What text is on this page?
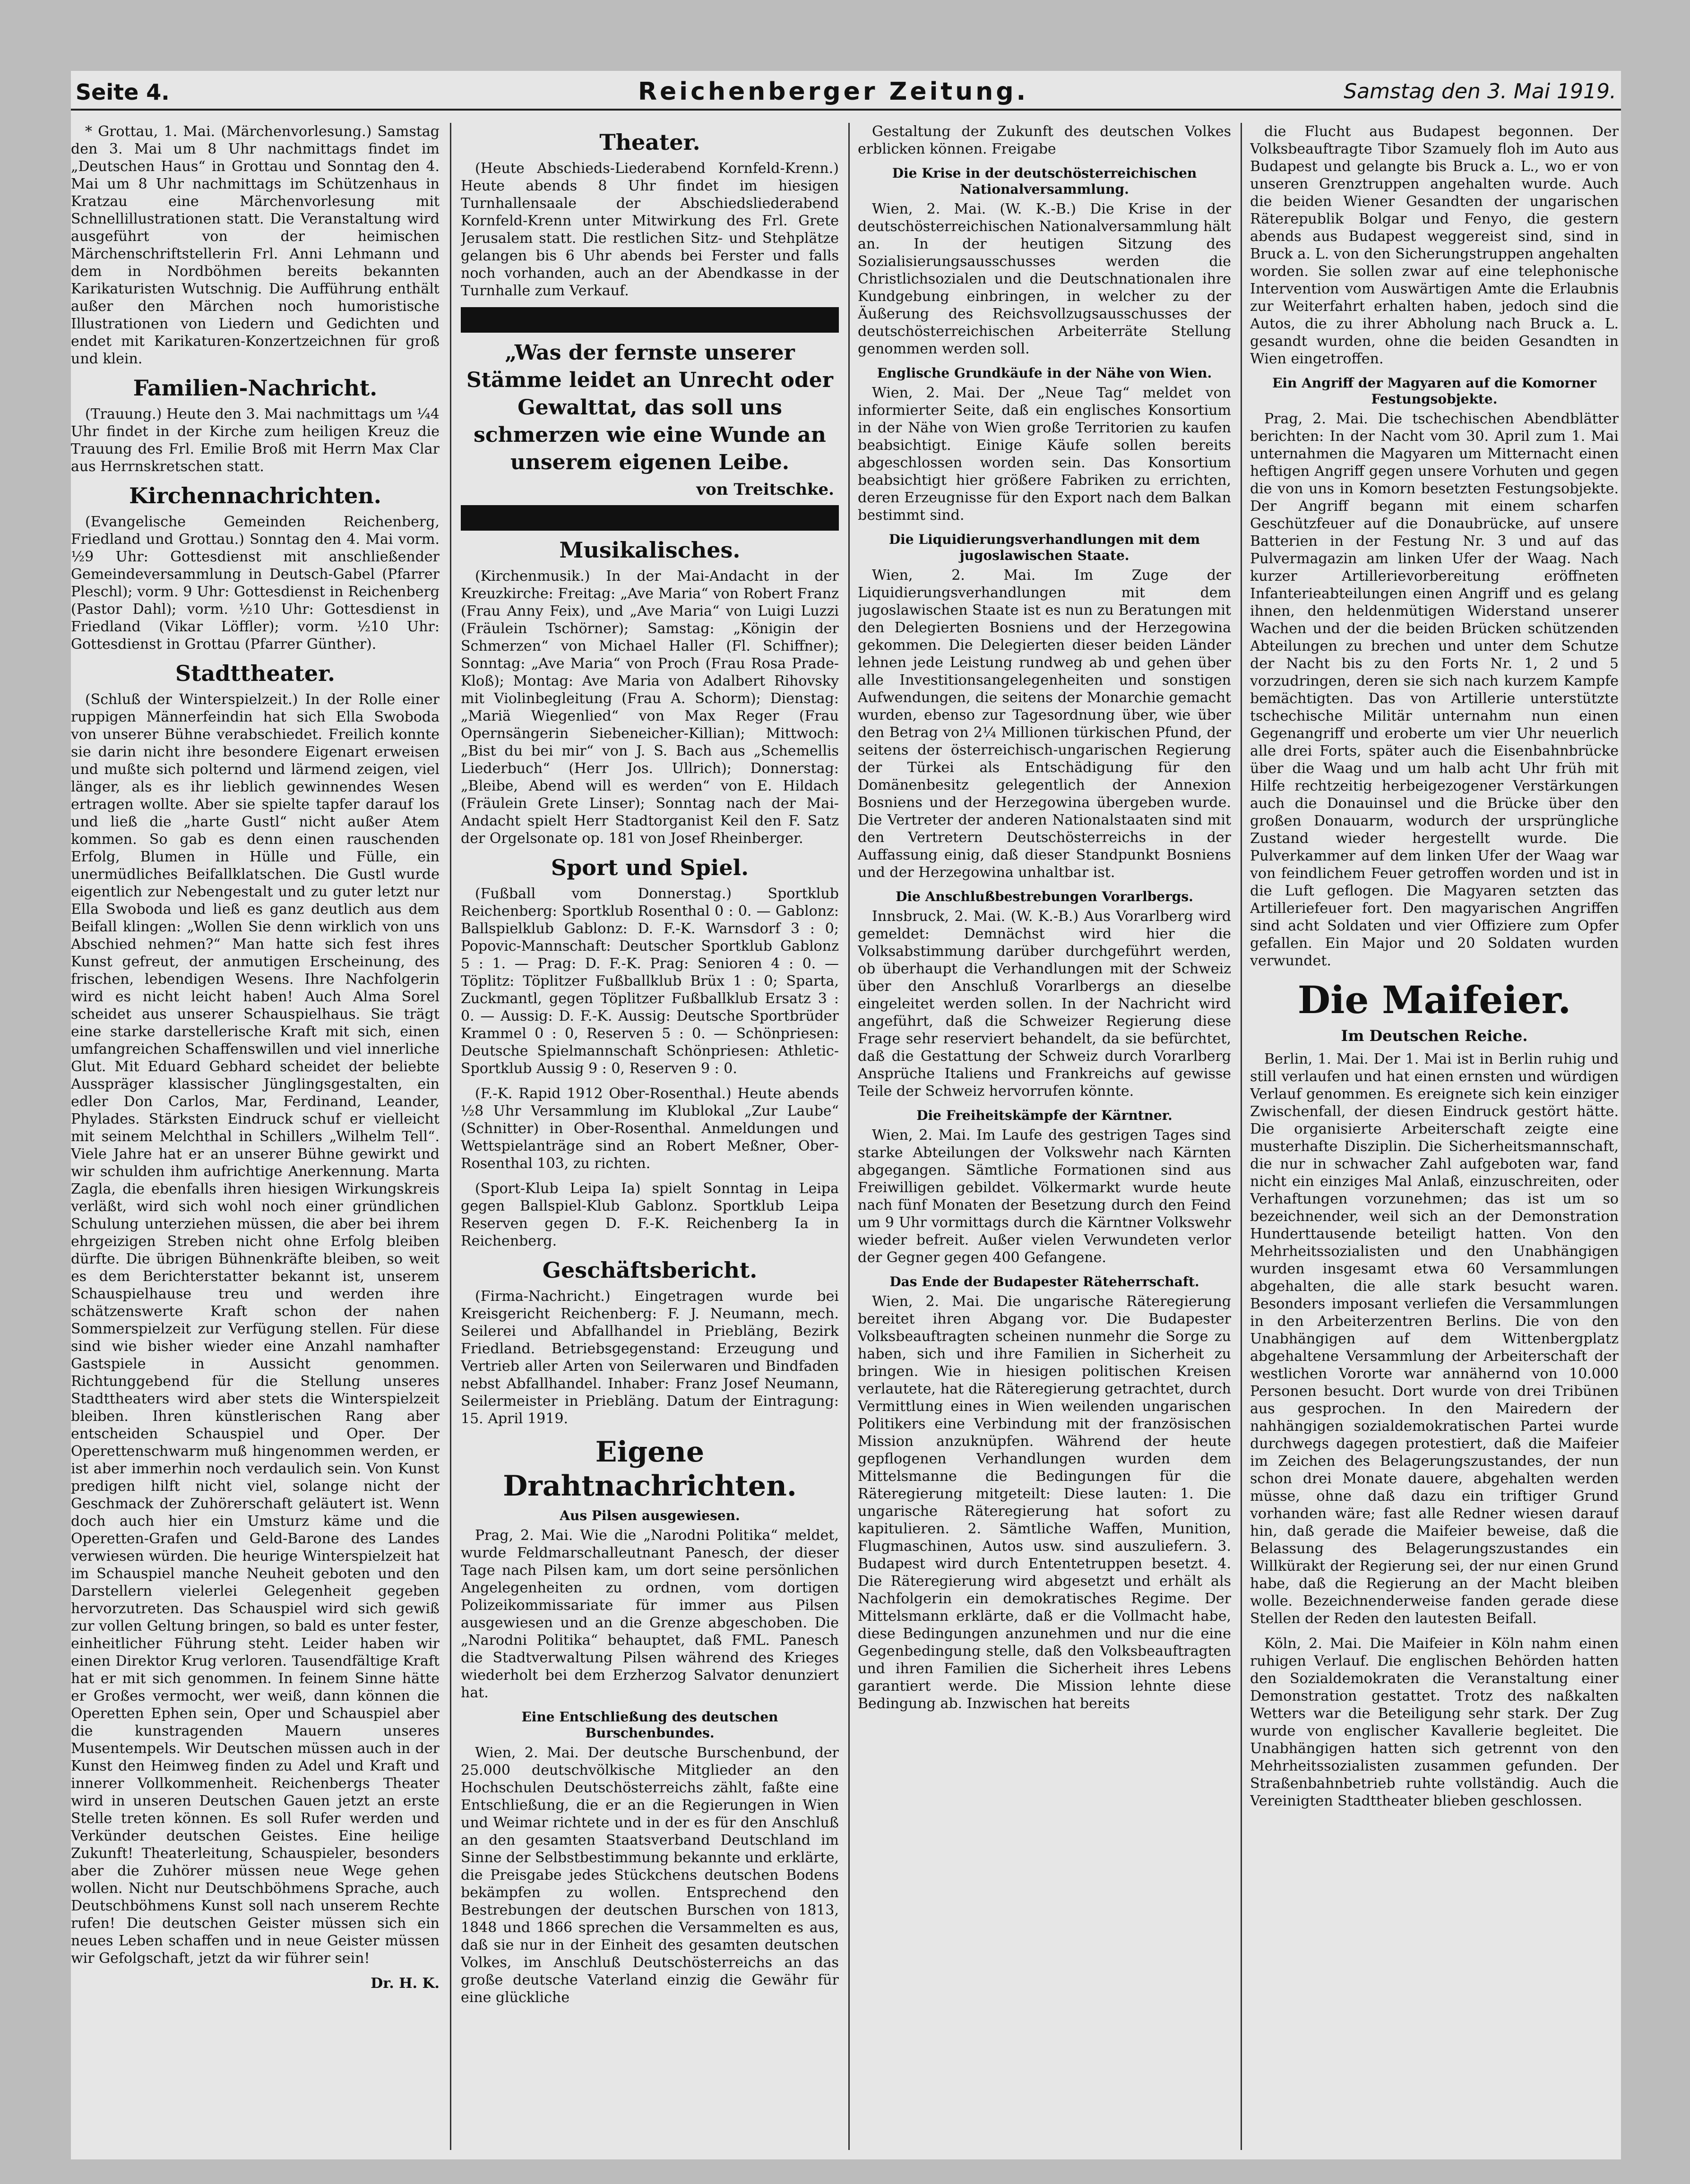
Seite 4.	Reichenberger Zeitung.	Samstag den 3. Mai 1919.

* Grottau, 1. Mai. (Märchenvorlesung.) Samstag den 3. Mai um 8 Uhr nachmittags findet im „Deutschen Haus“ in Grottau und Sonntag den 4. Mai um 8 Uhr nachmittags im Schützenhaus in Kratzau eine Märchenvorlesung mit Schnellillustrationen statt. Die Veranstaltung wird ausgeführt von der heimischen Märchenschriftstellerin Frl. Anni Lehmann und dem in Nordböhmen bereits bekannten Karikaturisten Wutschnig. Die Aufführung enthält außer den Märchen noch humoristische Illustrationen von Liedern und Gedichten und endet mit Karikaturen-Konzertzeichnen für groß und klein.

Familien-Nachricht.

(Trauung.) Heute den 3. Mai nachmittags um ¼4 Uhr findet in der Kirche zum heiligen Kreuz die Trauung des Frl. Emilie Broß mit Herrn Max Clar aus Herrnskretschen statt.

Kirchennachrichten.

(Evangelische Gemeinden Reichenberg, Friedland und Grottau.) Sonntag den 4. Mai vorm. ½9 Uhr: Gottesdienst mit anschließender Gemeindeversammlung in Deutsch-Gabel (Pfarrer Pleschl); vorm. 9 Uhr: Gottesdienst in Reichenberg (Pastor Dahl); vorm. ½10 Uhr: Gottesdienst in Friedland (Vikar Löffler); vorm. ½10 Uhr: Gottesdienst in Grottau (Pfarrer Günther).

Stadttheater.

(Schluß der Winterspielzeit.) In der Rolle einer ruppigen Männerfeindin hat sich Ella Swoboda von unserer Bühne verabschiedet. Freilich konnte sie darin nicht ihre besondere Eigenart erweisen und mußte sich polternd und lärmend zeigen, viel länger, als es ihr lieblich gewinnendes Wesen ertragen wollte. Aber sie spielte tapfer darauf los und ließ die „harte Gustl“ nicht außer Atem kommen. So gab es denn einen rauschenden Erfolg, Blumen in Hülle und Fülle, ein unermüdliches Beifallklatschen. Die Gustl wurde eigentlich zur Nebengestalt und zu guter letzt nur Ella Swoboda und ließ es ganz deutlich aus dem Beifall klingen: „Wollen Sie denn wirklich von uns Abschied nehmen?“ Man hatte sich fest ihres Kunst gefreut, der anmutigen Erscheinung, des frischen, lebendigen Wesens. Ihre Nachfolgerin wird es nicht leicht haben! Auch Alma Sorel scheidet aus unserer Schauspielhaus. Sie trägt eine starke darstellerische Kraft mit sich, einen umfangreichen Schaffenswillen und viel innerliche Glut. Mit Eduard Gebhard scheidet der beliebte Ausspräger klassischer Jünglingsgestalten, ein edler Don Carlos, Mar, Ferdinand, Leander, Phylades. Stärksten Eindruck schuf er vielleicht mit seinem Melchthal in Schillers „Wilhelm Tell“. Viele Jahre hat er an unserer Bühne gewirkt und wir schulden ihm aufrichtige Anerkennung. Marta Zagla, die ebenfalls ihren hiesigen Wirkungskreis verläßt, wird sich wohl noch einer gründlichen Schulung unterziehen müssen, die aber bei ihrem ehrgeizigen Streben nicht ohne Erfolg bleiben dürfte. Die übrigen Bühnenkräfte bleiben, so weit es dem Berichterstatter bekannt ist, unserem Schauspielhause treu und werden ihre schätzenswerte Kraft schon der nahen Sommerspielzeit zur Verfügung stellen. Für diese sind wie bisher wieder eine Anzahl namhafter Gastspiele in Aussicht genommen. Richtunggebend für die Stellung unseres Stadttheaters wird aber stets die Winterspielzeit bleiben. Ihren künstlerischen Rang aber entscheiden Schauspiel und Oper. Der Operettenschwarm muß hingenommen werden, er ist aber immerhin noch verdaulich sein. Von Kunst predigen hilft nicht viel, solange nicht der Geschmack der Zuhörerschaft geläutert ist. Wenn doch auch hier ein Umsturz käme und die Operetten-Grafen und Geld-Barone des Landes verwiesen würden. Die heurige Winterspielzeit hat im Schauspiel manche Neuheit geboten und den Darstellern vielerlei Gelegenheit gegeben hervorzutreten. Das Schauspiel wird sich gewiß zur vollen Geltung bringen, so bald es unter fester, einheitlicher Führung steht. Leider haben wir einen Direktor Krug verloren. Tausendfältige Kraft hat er mit sich genommen. In feinem Sinne hätte er Großes vermocht, wer weiß, dann können die Operetten Ephen sein, Oper und Schauspiel aber die kunstragenden Mauern unseres Musentempels. Wir Deutschen müssen auch in der Kunst den Heimweg finden zu Adel und Kraft und innerer Vollkommenheit. Reichenbergs Theater wird in unseren Deutschen Gauen jetzt an erste Stelle treten können. Es soll Rufer werden und Verkünder deutschen Geistes. Eine heilige Zukunft! Theaterleitung, Schauspieler, besonders aber die Zuhörer müssen neue Wege gehen wollen. Nicht nur Deutschböhmens Sprache, auch Deutschböhmens Kunst soll nach unserem Rechte rufen! Die deutschen Geister müssen sich ein neues Leben schaffen und in neue Geister müssen wir Gefolgschaft, jetzt da wir führer sein!

Dr. H. K.
Theater.

(Heute Abschieds-Liederabend Kornfeld-Krenn.) Heute abends 8 Uhr findet im hiesigen Turnhallensaale der Abschiedsliederabend Kornfeld-Krenn unter Mitwirkung des Frl. Grete Jerusalem statt. Die restlichen Sitz- und Stehplätze gelangen bis 6 Uhr abends bei Ferster und falls noch vorhanden, auch an der Abendkasse in der Turnhalle zum Verkauf.

„Was der fernste unserer Stämme leidet an Unrecht oder Gewalttat, das soll uns schmerzen wie eine Wunde an unserem eigenen Leibe.
von Treitschke.
Musikalisches.

(Kirchenmusik.) In der Mai-Andacht in der Kreuzkirche: Freitag: „Ave Maria“ von Robert Franz (Frau Anny Feix), und „Ave Maria“ von Luigi Luzzi (Fräulein Tschörner); Samstag: „Königin der Schmerzen“ von Michael Haller (Fl. Schiffner); Sonntag: „Ave Maria“ von Proch (Frau Rosa Prade-Kloß); Montag: Ave Maria von Adalbert Rihovsky mit Violinbegleitung (Frau A. Schorm); Dienstag: „Mariä Wiegenlied“ von Max Reger (Frau Opernsängerin Siebeneicher-Killian); Mittwoch: „Bist du bei mir“ von J. S. Bach aus „Schemellis Liederbuch“ (Herr Jos. Ullrich); Donnerstag: „Bleibe, Abend will es werden“ von E. Hildach (Fräulein Grete Linser); Sonntag nach der Mai-Andacht spielt Herr Stadtorganist Keil den F. Satz der Orgelsonate op. 181 von Josef Rheinberger.

Sport und Spiel.

(Fußball vom Donnerstag.) Sportklub Reichenberg: Sportklub Rosenthal 0 : 0. — Gablonz: Ballspielklub Gablonz: D. F.-K. Warnsdorf 3 : 0; Popovic-Mannschaft: Deutscher Sportklub Gablonz 5 : 1. — Prag: D. F.-K. Prag: Senioren 4 : 0. — Töplitz: Töplitzer Fußballklub Brüx 1 : 0; Sparta, Zuckmantl, gegen Töplitzer Fußballklub Ersatz 3 : 0. — Aussig: D. F.-K. Aussig: Deutsche Sportbrüder Krammel 0 : 0, Reserven 5 : 0. — Schönpriesen: Deutsche Spielmannschaft Schönpriesen: Athletic-Sportklub Aussig 9 : 0, Reserven 9 : 0.

(F.-K. Rapid 1912 Ober-Rosenthal.) Heute abends ½8 Uhr Versammlung im Klublokal „Zur Laube“ (Schnitter) in Ober-Rosenthal. Anmeldungen und Wettspielanträge sind an Robert Meßner, Ober-Rosenthal 103, zu richten.

(Sport-Klub Leipa Ia) spielt Sonntag in Leipa gegen Ballspiel-Klub Gablonz. Sportklub Leipa Reserven gegen D. F.-K. Reichenberg Ia in Reichenberg.

Geschäftsbericht.

(Firma-Nachricht.) Eingetragen wurde bei Kreisgericht Reichenberg: F. J. Neumann, mech. Seilerei und Abfallhandel in Priebläng, Bezirk Friedland. Betriebsgegenstand: Erzeugung und Vertrieb aller Arten von Seilerwaren und Bindfaden nebst Abfallhandel. Inhaber: Franz Josef Neumann, Seilermeister in Priebläng. Datum der Eintragung: 15. April 1919.

Eigene Drahtnachrichten.
Aus Pilsen ausgewiesen.

Prag, 2. Mai. Wie die „Narodni Politika“ meldet, wurde Feldmarschalleutnant Panesch, der dieser Tage nach Pilsen kam, um dort seine persönlichen Angelegenheiten zu ordnen, vom dortigen Polizeikommissariate für immer aus Pilsen ausgewiesen und an die Grenze abgeschoben. Die „Narodni Politika“ behauptet, daß FML. Panesch die Stadtverwaltung Pilsen während des Krieges wiederholt bei dem Erzherzog Salvator denunziert hat.

Eine Entschließung des deutschen Burschenbundes.

Wien, 2. Mai. Der deutsche Burschenbund, der 25.000 deutschvölkische Mitglieder an den Hochschulen Deutschösterreichs zählt, faßte eine Entschließung, die er an die Regierungen in Wien und Weimar richtete und in der es für den Anschluß an den gesamten Staatsverband Deutschland im Sinne der Selbstbestimmung bekannte und erklärte, die Preisgabe jedes Stückchens deutschen Bodens bekämpfen zu wollen. Entsprechend den Bestrebungen der deutschen Burschen von 1813, 1848 und 1866 sprechen die Versammelten es aus, daß sie nur in der Einheit des gesamten deutschen Volkes, im Anschluß Deutschösterreichs an das große deutsche Vaterland einzig die Gewähr für eine glückliche

Gestaltung der Zukunft des deutschen Volkes erblicken können. Freigabe

Die Krise in der deutschösterreichischen Nationalversammlung.

Wien, 2. Mai. (W. K.-B.) Die Krise in der deutschösterreichischen Nationalversammlung hält an. In der heutigen Sitzung des Sozialisierungsausschusses werden die Christlichsozialen und die Deutschnationalen ihre Kundgebung einbringen, in welcher zu der Äußerung des Reichsvollzugsausschusses der deutschösterreichischen Arbeiterräte Stellung genommen werden soll.

Englische Grundkäufe in der Nähe von Wien.

Wien, 2. Mai. Der „Neue Tag“ meldet von informierter Seite, daß ein englisches Konsortium in der Nähe von Wien große Territorien zu kaufen beabsichtigt. Einige Käufe sollen bereits abgeschlossen worden sein. Das Konsortium beabsichtigt hier größere Fabriken zu errichten, deren Erzeugnisse für den Export nach dem Balkan bestimmt sind.

Die Liquidierungsverhandlungen mit dem jugoslawischen Staate.

Wien, 2. Mai. Im Zuge der Liquidierungsverhandlungen mit dem jugoslawischen Staate ist es nun zu Beratungen mit den Delegierten Bosniens und der Herzegowina gekommen. Die Delegierten dieser beiden Länder lehnen jede Leistung rundweg ab und gehen über alle Investitionsangelegenheiten und sonstigen Aufwendungen, die seitens der Monarchie gemacht wurden, ebenso zur Tagesordnung über, wie über den Betrag von 2¼ Millionen türkischen Pfund, der seitens der österreichisch-ungarischen Regierung der Türkei als Entschädigung für den Domänenbesitz gelegentlich der Annexion Bosniens und der Herzegowina übergeben wurde. Die Vertreter der anderen Nationalstaaten sind mit den Vertretern Deutschösterreichs in der Auffassung einig, daß dieser Standpunkt Bosniens und der Herzegowina unhaltbar ist.

Die Anschlußbestrebungen Vorarlbergs.

Innsbruck, 2. Mai. (W. K.-B.) Aus Vorarlberg wird gemeldet: Demnächst wird hier die Volksabstimmung darüber durchgeführt werden, ob überhaupt die Verhandlungen mit der Schweiz über den Anschluß Vorarlbergs an dieselbe eingeleitet werden sollen. In der Nachricht wird angeführt, daß die Schweizer Regierung diese Frage sehr reserviert behandelt, da sie befürchtet, daß die Gestattung der Schweiz durch Vorarlberg Ansprüche Italiens und Frankreichs auf gewisse Teile der Schweiz hervorrufen könnte.

Die Freiheitskämpfe der Kärntner.

Wien, 2. Mai. Im Laufe des gestrigen Tages sind starke Abteilungen der Volkswehr nach Kärnten abgegangen. Sämtliche Formationen sind aus Freiwilligen gebildet. Völkermarkt wurde heute nach fünf Monaten der Besetzung durch den Feind um 9 Uhr vormittags durch die Kärntner Volkswehr wieder befreit. Außer vielen Verwundeten verlor der Gegner gegen 400 Gefangene.

Das Ende der Budapester Räteherrschaft.

Wien, 2. Mai. Die ungarische Räteregierung bereitet ihren Abgang vor. Die Budapester Volksbeauftragten scheinen nunmehr die Sorge zu haben, sich und ihre Familien in Sicherheit zu bringen. Wie in hiesigen politischen Kreisen verlautete, hat die Räteregierung getrachtet, durch Vermittlung eines in Wien weilenden ungarischen Politikers eine Verbindung mit der französischen Mission anzuknüpfen. Während der heute gepflogenen Verhandlungen wurden dem Mittelsmanne die Bedingungen für die Räteregierung mitgeteilt: Diese lauten: 1. Die ungarische Räteregierung hat sofort zu kapitulieren. 2. Sämtliche Waffen, Munition, Flugmaschinen, Autos usw. sind auszuliefern. 3. Budapest wird durch Ententetruppen besetzt. 4. Die Räteregierung wird abgesetzt und erhält als Nachfolgerin ein demokratisches Regime. Der Mittelsmann erklärte, daß er die Vollmacht habe, diese Bedingungen anzunehmen und nur die eine Gegenbedingung stelle, daß den Volksbeauftragten und ihren Familien die Sicherheit ihres Lebens garantiert werde. Die Mission lehnte diese Bedingung ab. Inzwischen hat bereits

die Flucht aus Budapest begonnen. Der Volksbeauftragte Tibor Szamuely floh im Auto aus Budapest und gelangte bis Bruck a. L., wo er von unseren Grenztruppen angehalten wurde. Auch die beiden Wiener Gesandten der ungarischen Räterepublik Bolgar und Fenyo, die gestern abends aus Budapest weggereist sind, sind in Bruck a. L. von den Sicherungstruppen angehalten worden. Sie sollen zwar auf eine telephonische Intervention vom Auswärtigen Amte die Erlaubnis zur Weiterfahrt erhalten haben, jedoch sind die Autos, die zu ihrer Abholung nach Bruck a. L. gesandt wurden, ohne die beiden Gesandten in Wien eingetroffen.

Ein Angriff der Magyaren auf die Komorner Festungsobjekte.

Prag, 2. Mai. Die tschechischen Abendblätter berichten: In der Nacht vom 30. April zum 1. Mai unternahmen die Magyaren um Mitternacht einen heftigen Angriff gegen unsere Vorhuten und gegen die von uns in Komorn besetzten Festungsobjekte. Der Angriff begann mit einem scharfen Geschützfeuer auf die Donaubrücke, auf unsere Batterien in der Festung Nr. 3 und auf das Pulvermagazin am linken Ufer der Waag. Nach kurzer Artillerievorbereitung eröffneten Infanterieabteilungen einen Angriff und es gelang ihnen, den heldenmütigen Widerstand unserer Wachen und der die beiden Brücken schützenden Abteilungen zu brechen und unter dem Schutze der Nacht bis zu den Forts Nr. 1, 2 und 5 vorzudringen, deren sie sich nach kurzem Kampfe bemächtigten. Das von Artillerie unterstützte tschechische Militär unternahm nun einen Gegenangriff und eroberte um vier Uhr neuerlich alle drei Forts, später auch die Eisenbahnbrücke über die Waag und um halb acht Uhr früh mit Hilfe rechtzeitig herbeigezogener Verstärkungen auch die Donauinsel und die Brücke über den großen Donauarm, wodurch der ursprüngliche Zustand wieder hergestellt wurde. Die Pulverkammer auf dem linken Ufer der Waag war von feindlichem Feuer getroffen worden und ist in die Luft geflogen. Die Magyaren setzten das Artilleriefeuer fort. Den magyarischen Angriffen sind acht Soldaten und vier Offiziere zum Opfer gefallen. Ein Major und 20 Soldaten wurden verwundet.

Die Maifeier.
Im Deutschen Reiche.

Berlin, 1. Mai. Der 1. Mai ist in Berlin ruhig und still verlaufen und hat einen ernsten und würdigen Verlauf genommen. Es ereignete sich kein einziger Zwischenfall, der diesen Eindruck gestört hätte. Die organisierte Arbeiterschaft zeigte eine musterhafte Disziplin. Die Sicherheitsmannschaft, die nur in schwacher Zahl aufgeboten war, fand nicht ein einziges Mal Anlaß, einzuschreiten, oder Verhaftungen vorzunehmen; das ist um so bezeichnender, weil sich an der Demonstration Hunderttausende beteiligt hatten. Von den Mehrheitssozialisten und den Unabhängigen wurden insgesamt etwa 60 Versammlungen abgehalten, die alle stark besucht waren. Besonders imposant verliefen die Versammlungen in den Arbeiterzentren Berlins. Die von den Unabhängigen auf dem Wittenbergplatz abgehaltene Versammlung der Arbeiterschaft der westlichen Vororte war annähernd von 10.000 Personen besucht. Dort wurde von drei Tribünen aus gesprochen. In den Mairedern der nahhängigen sozialdemokratischen Partei wurde durchwegs dagegen protestiert, daß die Maifeier im Zeichen des Belagerungszustandes, der nun schon drei Monate dauere, abgehalten werden müsse, ohne daß dazu ein triftiger Grund vorhanden wäre; fast alle Redner wiesen darauf hin, daß gerade die Maifeier beweise, daß die Belassung des Belagerungszustandes ein Willkürakt der Regierung sei, der nur einen Grund habe, daß die Regierung an der Macht bleiben wolle. Bezeichnenderweise fanden gerade diese Stellen der Reden den lautesten Beifall.

Köln, 2. Mai. Die Maifeier in Köln nahm einen ruhigen Verlauf. Die englischen Behörden hatten den Sozialdemokraten die Veranstaltung einer Demonstration gestattet. Trotz des naßkalten Wetters war die Beteiligung sehr stark. Der Zug wurde von englischer Kavallerie begleitet. Die Unabhängigen hatten sich getrennt von den Mehrheitssozialisten zusammen gefunden. Der Straßenbahnbetrieb ruhte vollständig. Auch die Vereinigten Stadttheater blieben geschlossen.
